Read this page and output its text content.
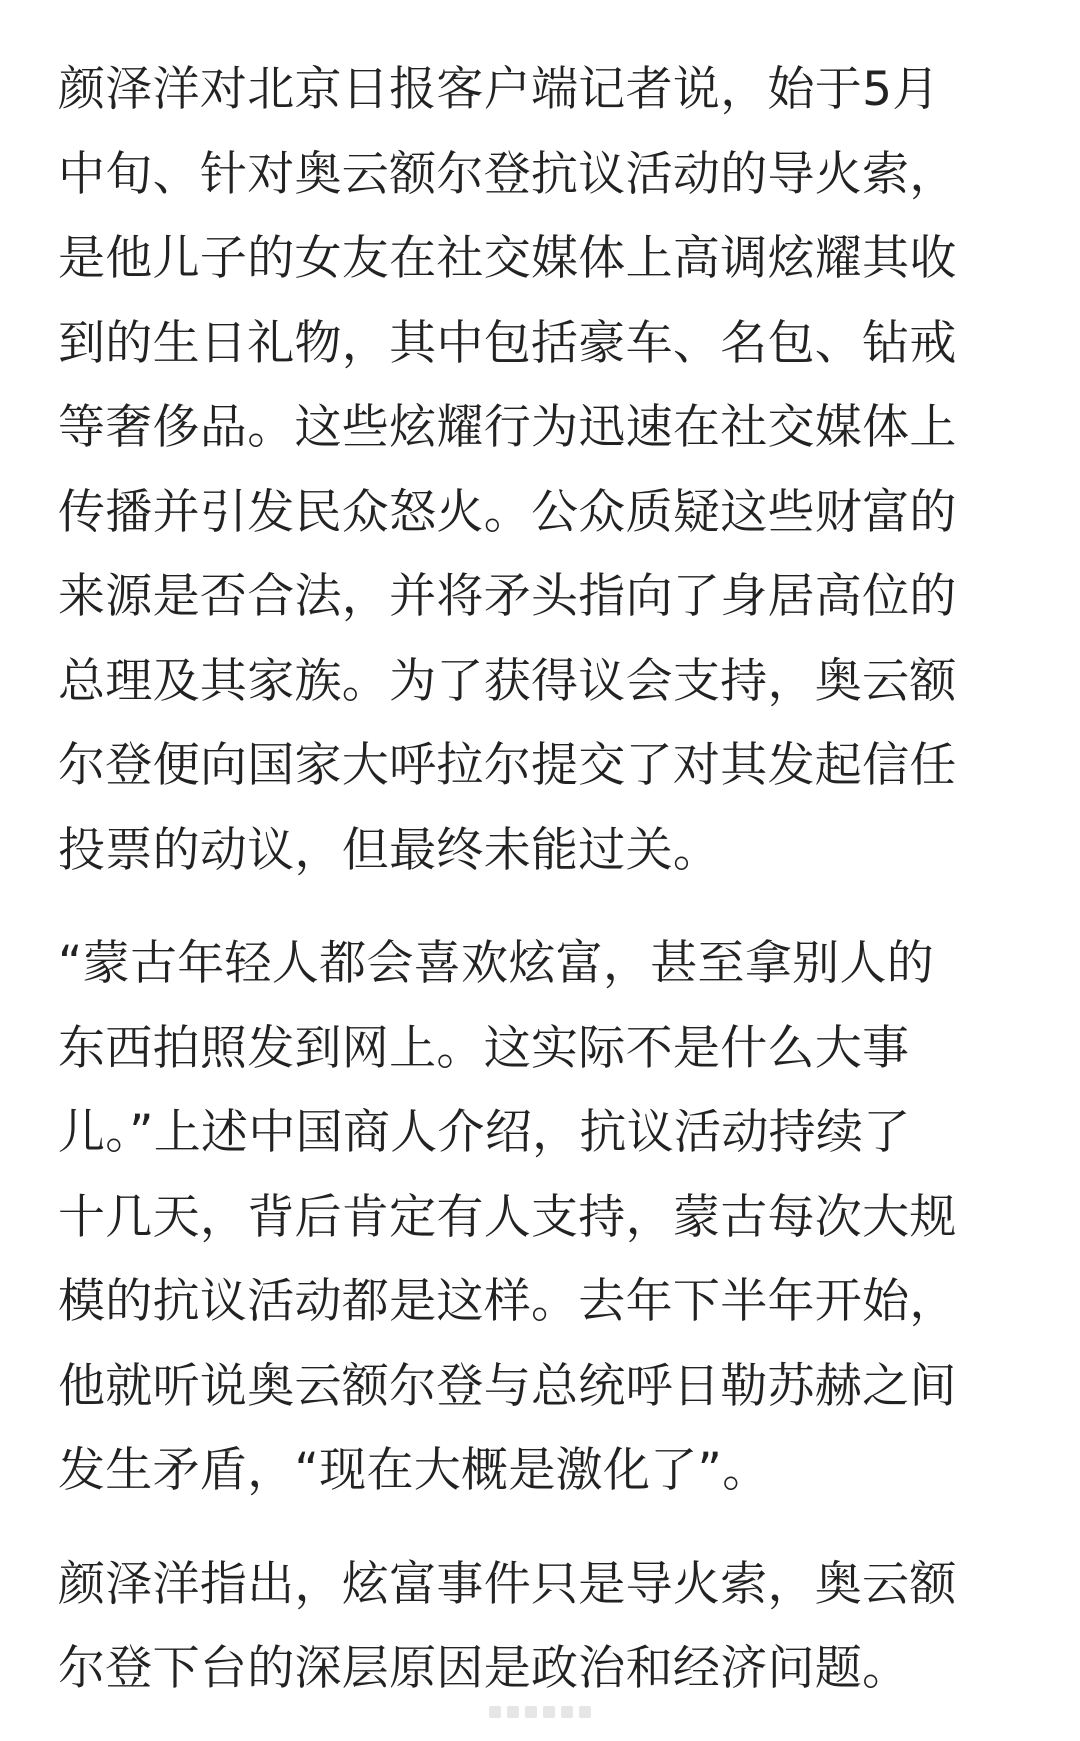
颜泽洋对北京日报客户端记者说，始于5月
中旬、针对奥云额尔登抗议活动的导火索，
是他儿子的女友在社交媒体上高调炫耀其收
到的生日礼物，其中包括豪车、名包、钻戒
等奢侈品。这些炫耀行为迅速在社交媒体上
传播并引发民众怒火。公众质疑这些财富的
来源是否合法，并将矛头指向了身居高位的
总理及其家族。为了获得议会支持，奥云额
尔登便向国家大呼拉尔提交了对其发起信任
投票的动议，但最终未能过关。

“蒙古年轻人都会喜欢炫富，甚至拿别人的
东西拍照发到网上。这实际不是什么大事
儿。”上述中国商人介绍，抗议活动持续了
十几天，背后肯定有人支持，蒙古每次大规
模的抗议活动都是这样。去年下半年开始，
他就听说奥云额尔登与总统呼日勒苏赫之间
发生矛盾，“现在大概是激化了”。

颜泽洋指出，炫富事件只是导火索，奥云额
尔登下台的深层原因是政治和经济问题。
